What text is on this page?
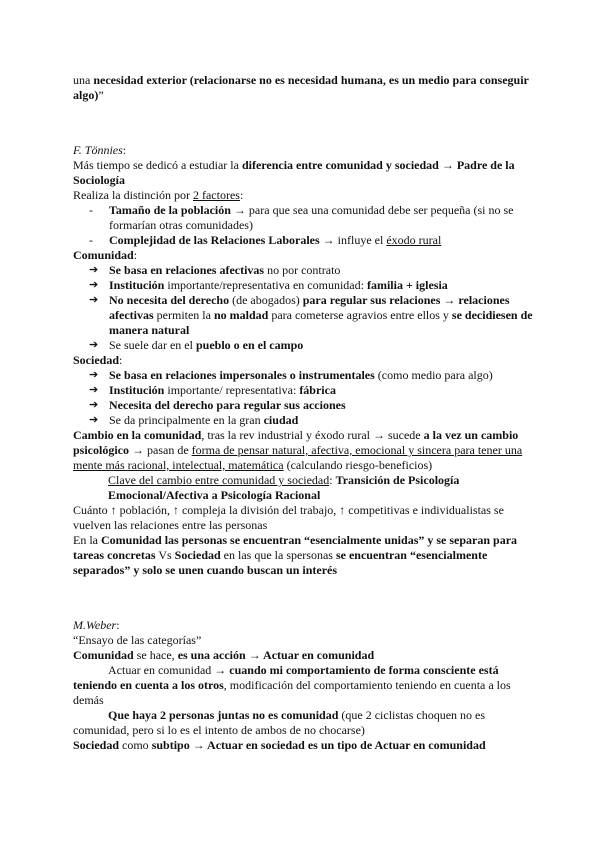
una necesidad exterior (relacionarse no es necesidad humana, es un medio para conseguir algo)”

F. Tönnies:

Más tiempo se dedicó a estudiar la diferencia entre comunidad y sociedad → Padre de la Sociología

Realiza la distinción por 2 factores:

-	Tamaño de la población → para que sea una comunidad debe ser pequeña (si no se formarían otras comunidades)
-	Complejidad de las Relaciones Laborales → influye el éxodo rural

Comunidad:

➔ Se basa en relaciones afectivas no por contrato
➔ Institución importante/representativa en comunidad: familia + iglesia
➔ No necesita del derecho (de abogados) para regular sus relaciones → relaciones afectivas permiten la no maldad para cometerse agravios entre ellos y se decidiesen de manera natural
➔ Se suele dar en el pueblo o en el campo

Sociedad:

➔ Se basa en relaciones impersonales o instrumentales (como medio para algo)
➔ Institución importante/ representativa: fábrica
➔ Necesita del derecho para regular sus acciones
➔ Se da principalmente en la gran ciudad

Cambio en la comunidad, tras la rev industrial y éxodo rural → sucede a la vez un cambio psicológico → pasan de forma de pensar natural, afectiva, emocional y sincera para tener una mente más racional, intelectual, matemática (calculando riesgo-beneficios)

Clave del cambio entre comunidad y sociedad: Transición de Psicología Emocional/Afectiva a Psicología Racional

Cuánto ↑ población, ↑ compleja la división del trabajo, ↑ competitivas e individualistas se vuelven las relaciones entre las personas

En la Comunidad las personas se encuentran “esencialmente unidas” y se separan para tareas concretas Vs Sociedad en las que la spersonas se encuentran “esencialmente separados” y solo se unen cuando buscan un interés

M.Weber:

“Ensayo de las categorías”

Comunidad se hace, es una acción → Actuar en comunidad

Actuar en comunidad → cuando mi comportamiento de forma consciente está teniendo en cuenta a los otros, modificación del comportamiento teniendo en cuenta a los demás

Que haya 2 personas juntas no es comunidad (que 2 ciclistas choquen no es comunidad, pero si lo es el intento de ambos de no chocarse)

Sociedad como subtipo → Actuar en sociedad es un tipo de Actuar en comunidad
